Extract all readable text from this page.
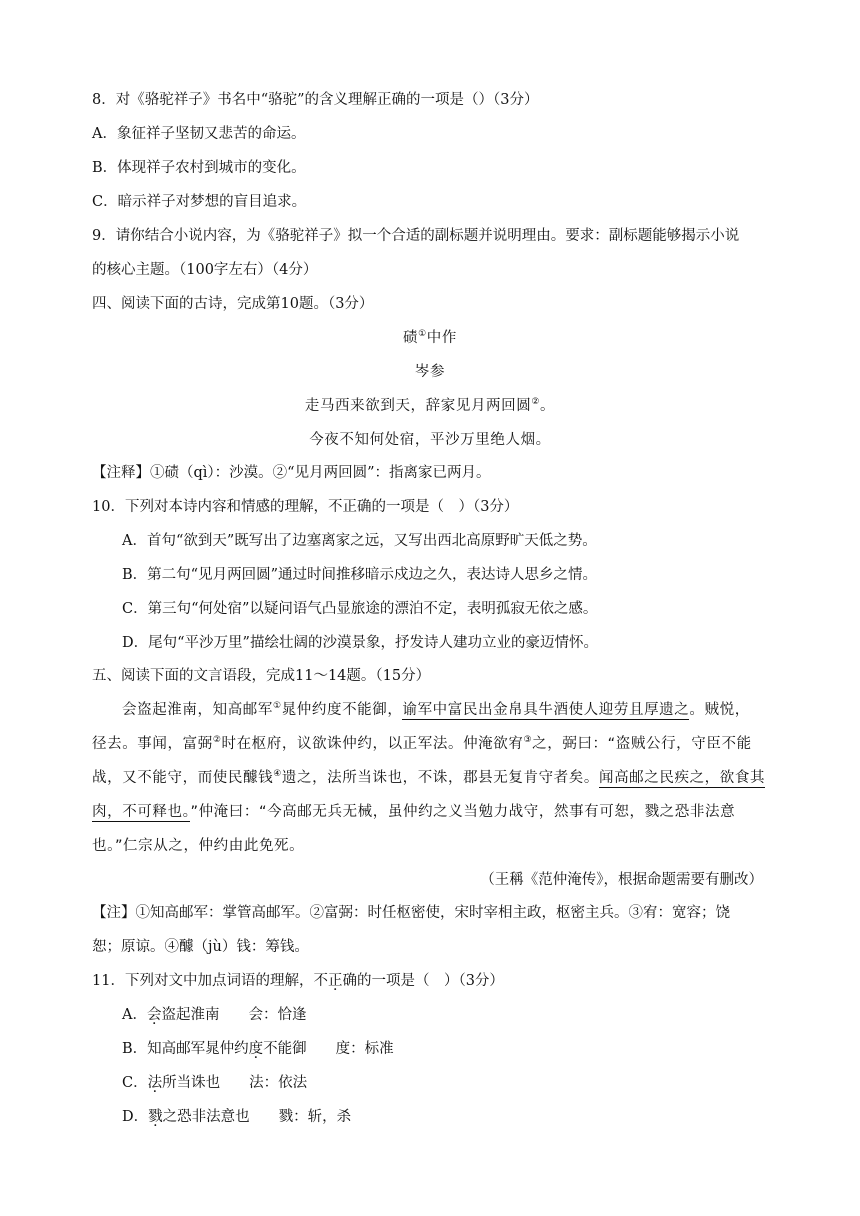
8．对《骆驼祥子》书名中“骆驼”的含义理解正确的一项是（）（3分）
A．象征祥子坚韧又悲苦的命运。
B．体现祥子农村到城市的变化。
C．暗示祥子对梦想的盲目追求。
9．请你结合小说内容，为《骆驼祥子》拟一个合适的副标题并说明理由。要求：副标题能够揭示小说
的核心主题。（100字左右）（4分）
四、阅读下面的古诗，完成第10题。（3分）
碛①中作
岑参
走马西来欲到天，辞家见月两回圆②。
今夜不知何处宿，平沙万里绝人烟。
【注释】①碛（qì）：沙漠。②“见月两回圆”：指离家已两月。
10．下列对本诗内容和情感的理解，不正确的一项是（　）（3分）
A．首句“欲到天”既写出了边塞离家之远，又写出西北高原野旷天低之势。
B．第二句“见月两回圆”通过时间推移暗示戍边之久，表达诗人思乡之情。
C．第三句“何处宿”以疑问语气凸显旅途的漂泊不定，表明孤寂无依之感。
D．尾句“平沙万里”描绘壮阔的沙漠景象，抒发诗人建功立业的豪迈情怀。
五、阅读下面的文言语段，完成11～14题。（15分）
会盗起淮南，知高邮军①晁仲约度不能御，谕军中富民出金帛具牛酒使人迎劳且厚遗之。贼悦，
径去。事闻，富弼②时在枢府，议欲诛仲约，以正军法。仲淹欲宥③之，弼曰：“盗贼公行，守臣不能
战，又不能守，而使民醵钱④遗之，法所当诛也，不诛，郡县无复肯守者矣。闻高邮之民疾之，欲食其
肉，不可释也。”仲淹曰：“今高邮无兵无械，虽仲约之义当勉力战守，然事有可恕，戮之恐非法意
也。”仁宗从之，仲约由此免死。
（王稱《范仲淹传》，根据命题需要有删改）
【注】①知高邮军：掌管高邮军。②富弼：时任枢密使，宋时宰相主政，枢密主兵。③宥：宽容；饶
恕；原谅。④醵（jù）钱：筹钱。
11．下列对文中加点词语的理解，不正确的一项是（　）（3分）
A．会盗起淮南　　会：恰逢
B．知高邮军晁仲约度不能御　　度：标准
C．法所当诛也　　法：依法
D．戮之恐非法意也　　戮：斩，杀
